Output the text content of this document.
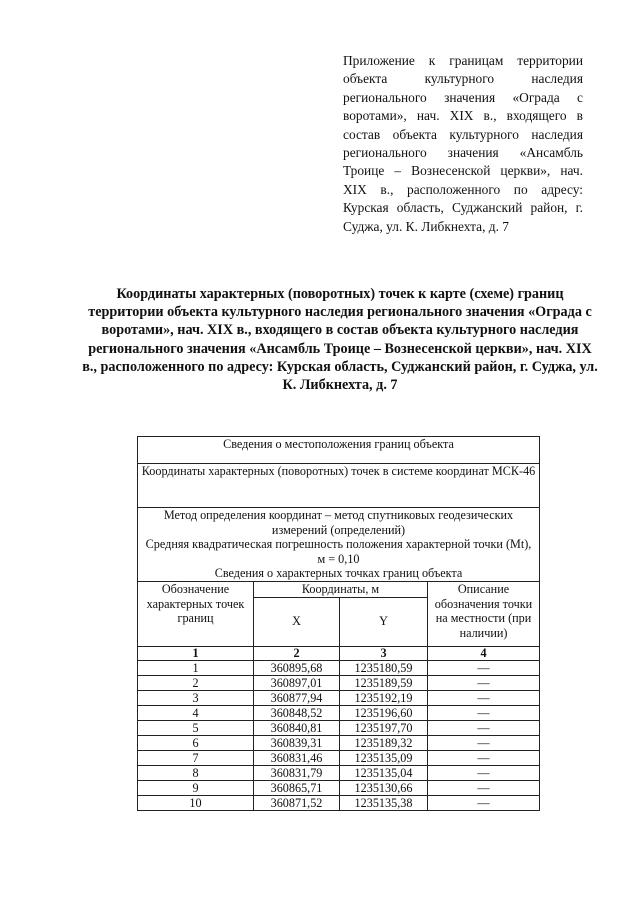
Приложение к границам территории объекта культурного наследия регионального значения «Ограда с воротами», нач. XIX в., входящего в состав объекта культурного наследия регионального значения «Ансамбль Троице – Вознесенской церкви», нач. XIX в., расположенного по адресу: Курская область, Суджанский район, г. Суджа, ул. К. Либкнехта, д. 7
Координаты характерных (поворотных) точек к карте (схеме) границ территории объекта культурного наследия регионального значения «Ограда с воротами», нач. XIX в., входящего в состав объекта культурного наследия регионального значения «Ансамбль Троице – Вознесенской церкви», нач. XIX в., расположенного по адресу: Курская область, Суджанский район, г. Суджа, ул. К. Либкнехта, д. 7
Сведения о местоположения границ объекта			
Координаты характерных (поворотных) точек в системе координат МСК-46			

Метод определения координат – метод спутниковых геодезических измерений (определений)
Средняя квадратическая погрешность положения характерной точки (Mt), м = 0,10
Сведения о характерных точках границ объекта			

Обозначение характерных точек границ	Координаты, м		Описание обозначения точки на местности (при наличии)
	X	Y	
1	2	3	4
1	360895,68	1235180,59	—
2	360897,01	1235189,59	—
3	360877,94	1235192,19	—
4	360848,52	1235196,60	—
5	360840,81	1235197,70	—
6	360839,31	1235189,32	—
7	360831,46	1235135,09	—
8	360831,79	1235135,04	—
9	360865,71	1235130,66	—
10	360871,52	1235135,38	—
